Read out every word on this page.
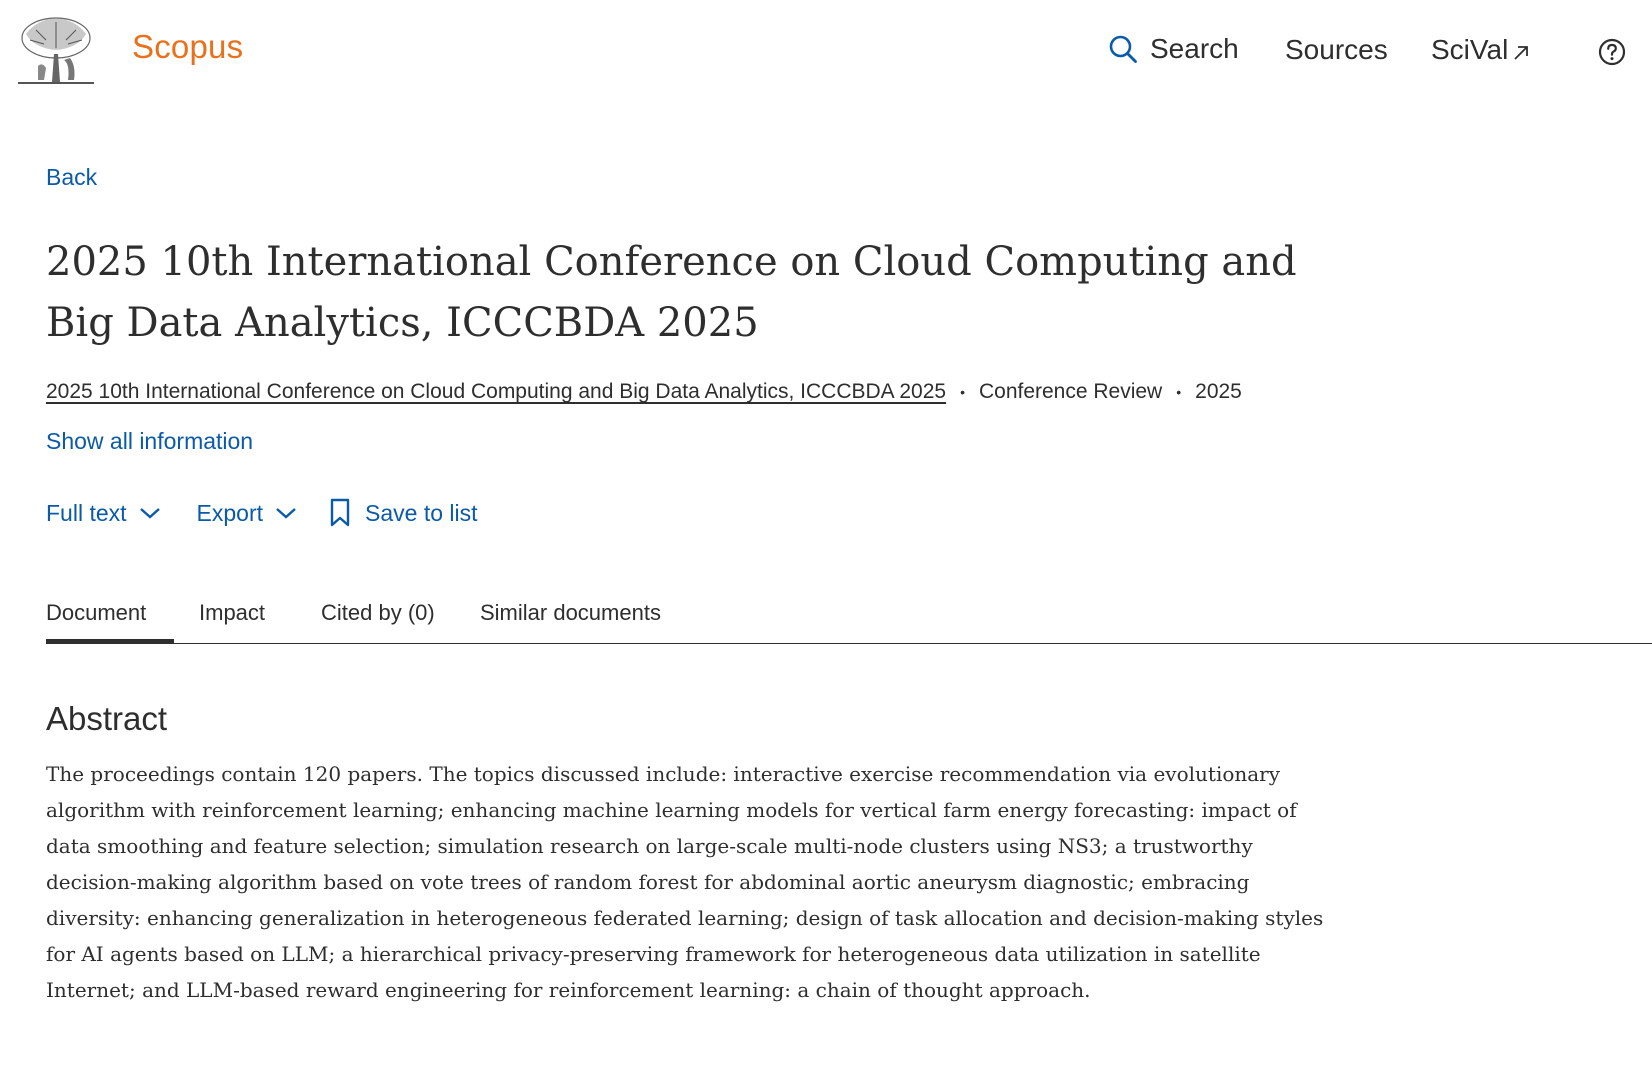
Scopus	Search Sources SciVal
Back
2025 10th International Conference on Cloud Computing and Big Data Analytics, ICCCBDA 2025
2025 10th International Conference on Cloud Computing and Big Data Analytics, ICCCBDA 2025 • Conference Review • 2025
Show all information
Full text	Export	Save to list
Document	Impact	Cited by (0) Similar documents
Abstract

The proceedings contain 120 papers. The topics discussed include: interactive exercise recommendation via evolutionary algorithm with reinforcement learning; enhancing machine learning models for vertical farm energy forecasting: impact of data smoothing and feature selection; simulation research on large-scale multi-node clusters using NS3; a trustworthy decision-making algorithm based on vote trees of random forest for abdominal aortic aneurysm diagnostic; embracing diversity: enhancing generalization in heterogeneous federated learning; design of task allocation and decision-making styles for AI agents based on LLM; a hierarchical privacy-preserving framework for heterogeneous data utilization in satellite Internet; and LLM-based reward engineering for reinforcement learning: a chain of thought approach.
